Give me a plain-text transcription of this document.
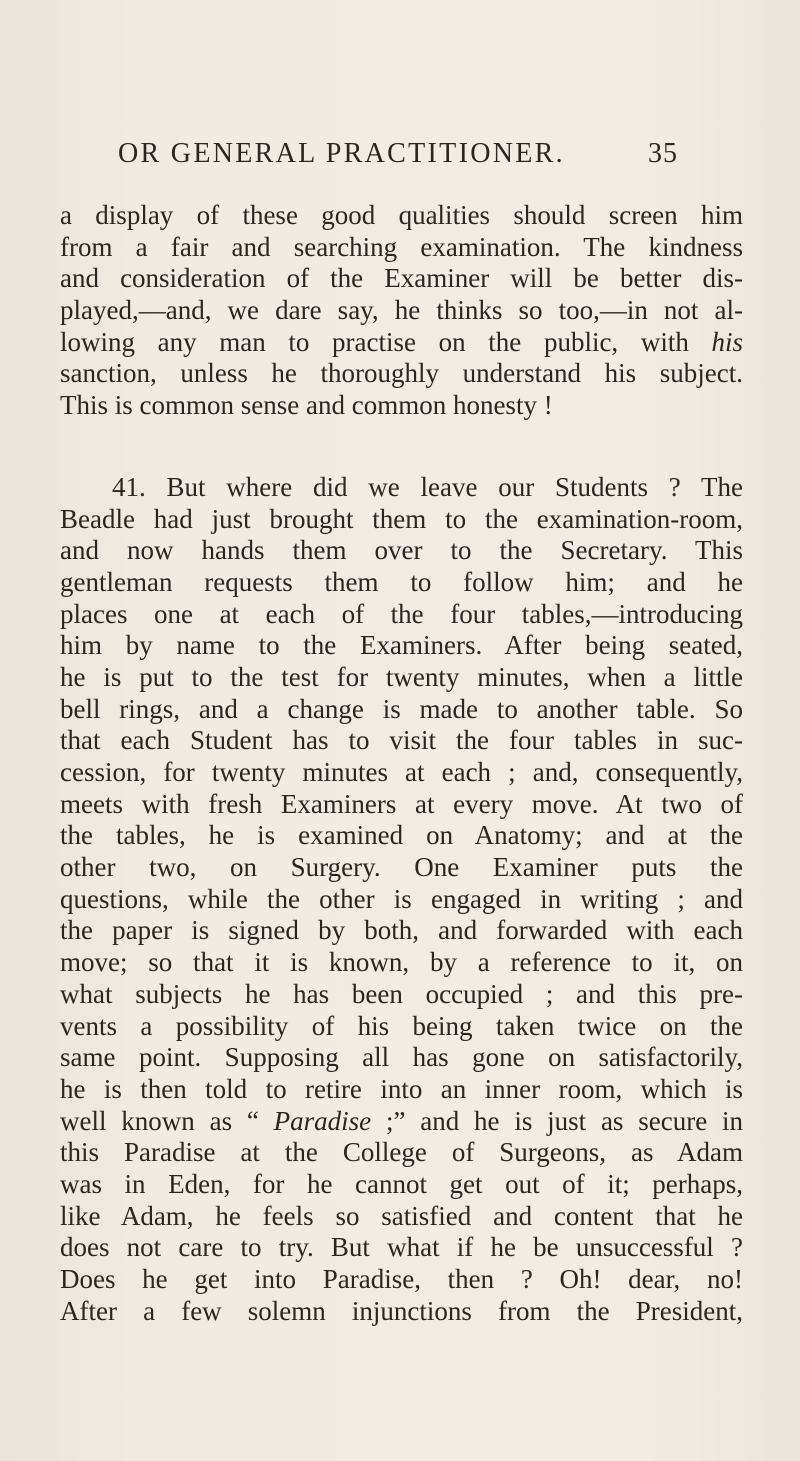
OR GENERAL PRACTITIONER.	35
a display of these good qualities should screen him
from a fair and searching examination. The kindness
and consideration of the Examiner will be better dis-
played,—and, we dare say, he thinks so too,—in not al-
lowing any man to practise on the public, with his
sanction, unless he thoroughly understand his subject.
This is common sense and common honesty !
41. But where did we leave our Students ? The
Beadle had just brought them to the examination-room,
and now hands them over to the Secretary. This
gentleman requests them to follow him; and he
places one at each of the four tables,—introducing
him by name to the Examiners. After being seated,
he is put to the test for twenty minutes, when a little
bell rings, and a change is made to another table. So
that each Student has to visit the four tables in suc-
cession, for twenty minutes at each ; and, consequently,
meets with fresh Examiners at every move. At two of
the tables, he is examined on Anatomy; and at the
other two, on Surgery. One Examiner puts the
questions, while the other is engaged in writing ; and
the paper is signed by both, and forwarded with each
move; so that it is known, by a reference to it, on
what subjects he has been occupied ; and this pre-
vents a possibility of his being taken twice on the
same point. Supposing all has gone on satisfactorily,
he is then told to retire into an inner room, which is
well known as “ Paradise ;” and he is just as secure in
this Paradise at the College of Surgeons, as Adam
was in Eden, for he cannot get out of it; perhaps,
like Adam, he feels so satisfied and content that he
does not care to try. But what if he be unsuccessful ?
Does he get into Paradise, then ? Oh! dear, no!
After a few solemn injunctions from the President,
